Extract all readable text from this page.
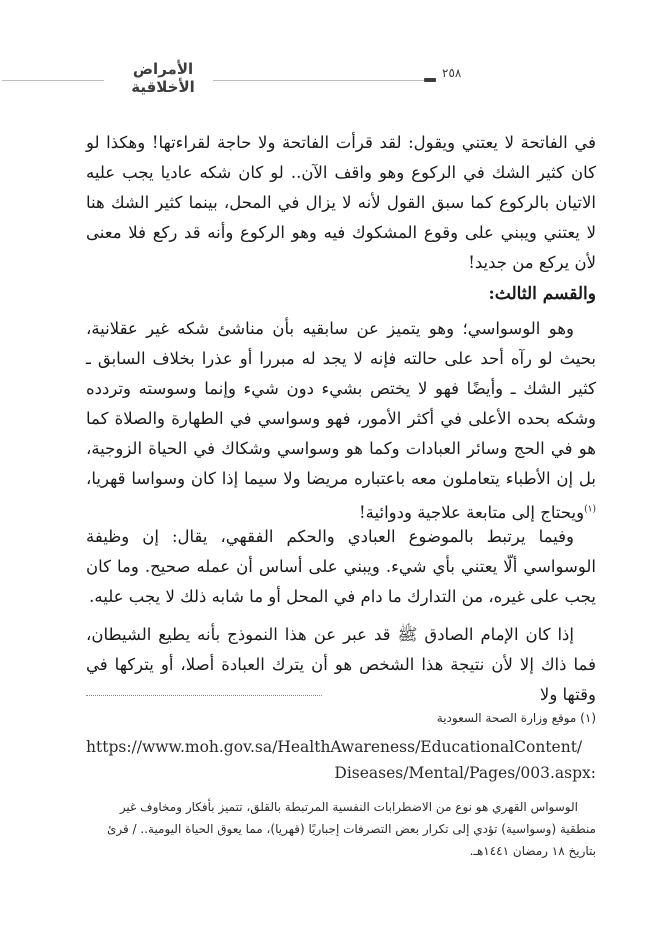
الأمراض الأخلاقية
٢٥٨
في الفاتحة لا يعتني ويقول: لقد قرأت الفاتحة ولا حاجة لقراءتها! وهكذا لو كان كثير الشك في الركوع وهو واقف الآن.. لو كان شكه عاديا يجب عليه الاتيان بالركوع كما سبق القول لأنه لا يزال في المحل، بينما كثير الشك هنا لا يعتني ويبني على وقوع المشكوك فيه وهو الركوع وأنه قد ركع فلا معنى لأن يركع من جديد!
والقسم الثالث:
وهو الوسواسي؛ وهو يتميز عن سابقيه بأن مناشئ شكه غير عقلانية، بحيث لو رآه أحد على حالته فإنه لا يجد له مبررا أو عذرا بخلاف السابق ـ كثير الشك ـ وأيضًا فهو لا يختص بشيء دون شيء وإنما وسوسته وتردده وشكه بحده الأعلى في أكثر الأمور، فهو وسواسي في الطهارة والصلاة كما هو في الحج وسائر العبادات وكما هو وسواسي وشكاك في الحياة الزوجية، بل إن الأطباء يتعاملون معه باعتباره مريضا ولا سيما إذا كان وسواسا قهريا،$^{(١)}$ويحتاج إلى متابعة علاجية ودوائية!
وفيما يرتبط بالموضوع العبادي والحكم الفقهي، يقال: إن وظيفة الوسواسي ألّا يعتني بأي شيء. ويبني على أساس أن عمله صحيح. وما كان يجب على غيره، من التدارك ما دام في المحل أو ما شابه ذلك لا يجب عليه.
إذا كان الإمام الصادق ﷺ قد عبر عن هذا النموذج بأنه يطيع الشيطان، فما ذاك إلا لأن نتيجة هذا الشخص هو أن يترك العبادة أصلا، أو يتركها في وقتها ولا
(١) موقع وزارة الصحة السعودية
https://www.moh.gov.sa/HealthAwareness/EducationalContent/
Diseases/Mental/Pages/003.aspx:
الوسواس القهري هو نوع من الاضطرابات النفسية المرتبطة بالقلق، تتميز بأفكار ومخاوف غير
منطقية (وسواسية) تؤدي إلى تكرار بعض التصرفات إجباريًا (قهريا)، مما يعوق الحياة اليومية.. / قرئ
بتاريخ ١٨ رمضان ١٤٤١هـ.
